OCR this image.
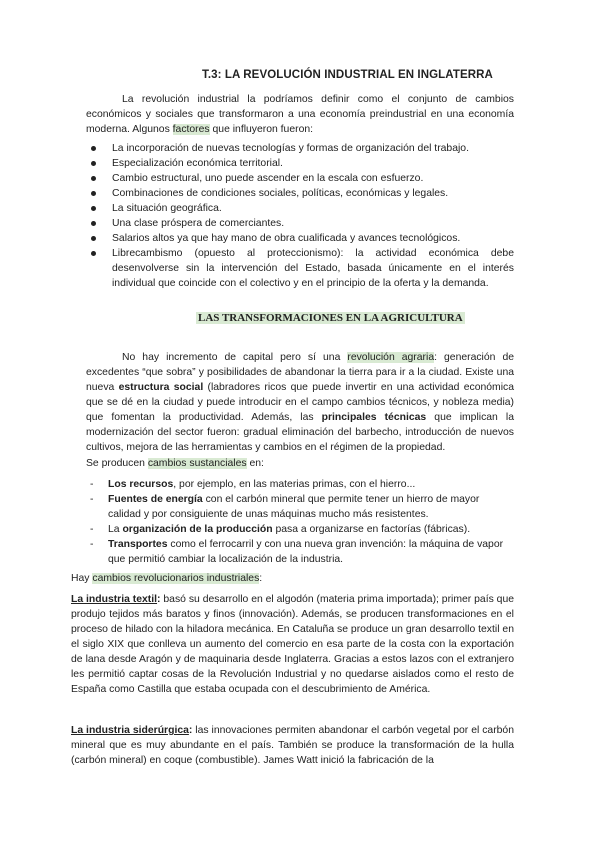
T.3: LA REVOLUCIÓN INDUSTRIAL EN INGLATERRA
La revolución industrial la podríamos definir como el conjunto de cambios económicos y sociales que transformaron a una economía preindustrial en una economía moderna. Algunos factores que influyeron fueron:
La incorporación de nuevas tecnologías y formas de organización del trabajo.
Especialización económica territorial.
Cambio estructural, uno puede ascender en la escala con esfuerzo.
Combinaciones de condiciones sociales, políticas, económicas y legales.
La situación geográfica.
Una clase próspera de comerciantes.
Salarios altos ya que hay mano de obra cualificada y avances tecnológicos.
Librecambismo (opuesto al proteccionismo): la actividad económica debe desenvolverse sin la intervención del Estado, basada únicamente en el interés individual que coincide con el colectivo y en el principio de la oferta y la demanda.
LAS TRANSFORMACIONES EN LA AGRICULTURA
No hay incremento de capital pero sí una revolución agraria: generación de excedentes “que sobra” y posibilidades de abandonar la tierra para ir a la ciudad. Existe una nueva estructura social (labradores ricos que puede invertir en una actividad económica que se dé en la ciudad y puede introducir en el campo cambios técnicos, y nobleza media) que fomentan la productividad. Además, las principales técnicas que implican la modernización del sector fueron: gradual eliminación del barbecho, introducción de nuevos cultivos, mejora de las herramientas y cambios en el régimen de la propiedad.
Se producen cambios sustanciales en:
- Los recursos, por ejemplo, en las materias primas, con el hierro...
- Fuentes de energía con el carbón mineral que permite tener un hierro de mayor calidad y por consiguiente de unas máquinas mucho más resistentes.
- La organización de la producción pasa a organizarse en factorías (fábricas).
- Transportes como el ferrocarril y con una nueva gran invención: la máquina de vapor que permitió cambiar la localización de la industria.
Hay cambios revolucionarios industriales:
La industria textil: basó su desarrollo en el algodón (materia prima importada); primer país que produjo tejidos más baratos y finos (innovación). Además, se producen transformaciones en el proceso de hilado con la hiladora mecánica. En Cataluña se produce un gran desarrollo textil en el siglo XIX que conlleva un aumento del comercio en esa parte de la costa con la exportación de lana desde Aragón y de maquinaria desde Inglaterra. Gracias a estos lazos con el extranjero les permitió captar cosas de la Revolución Industrial y no quedarse aislados como el resto de España como Castilla que estaba ocupada con el descubrimiento de América.
La industria siderúrgica: las innovaciones permiten abandonar el carbón vegetal por el carbón mineral que es muy abundante en el país. También se produce la transformación de la hulla (carbón mineral) en coque (combustible). James Watt inició la fabricación de la
